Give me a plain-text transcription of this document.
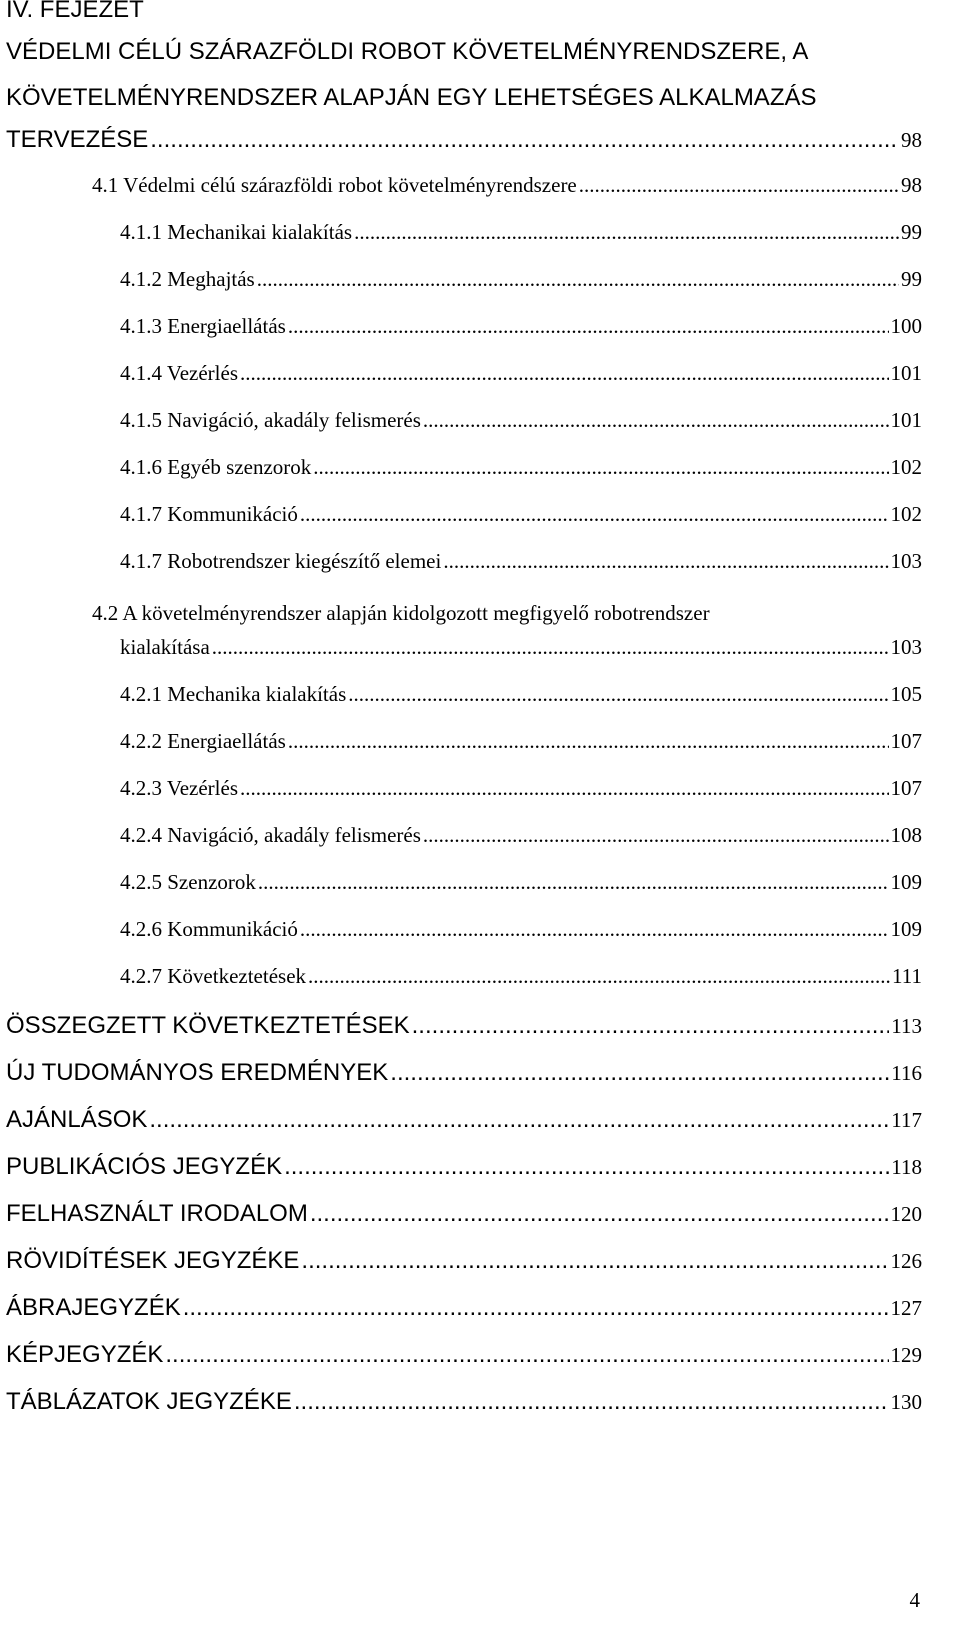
IV. FEJEZET
VÉDELMI CÉLÚ SZÁRAZFÖLDI ROBOT KÖVETELMÉNYRENDSZERE, A
KÖVETELMÉNYRENDSZER ALAPJÁN EGY LEHETSÉGES ALKALMAZÁS
TERVEZÉSE .....	98
4.1 Védelmi célú szárazföldi robot követelményrendszere .....	98
4.1.1 Mechanikai kialakítás .....	99
4.1.2 Meghajtás .....	99
4.1.3 Energiaellátás .....	100
4.1.4 Vezérlés .....	101
4.1.5 Navigáció, akadály felismerés .....	101
4.1.6 Egyéb szenzorok .....	102
4.1.7 Kommunikáció .....	102
4.1.7 Robotrendszer kiegészítő elemei .....	103
4.2 A követelményrendszer alapján kidolgozott megfigyelő robotrendszer
kialakítása .....	103
4.2.1 Mechanika kialakítás .....	105
4.2.2 Energiaellátás .....	107
4.2.3 Vezérlés .....	107
4.2.4 Navigáció, akadály felismerés .....	108
4.2.5 Szenzorok .....	109
4.2.6 Kommunikáció .....	109
4.2.7 Következtetések .....	111
ÖSSZEGZETT KÖVETKEZTETÉSEK .....	113
ÚJ TUDOMÁNYOS EREDMÉNYEK .....	116
AJÁNLÁSOK .....	117
PUBLIKÁCIÓS JEGYZÉK .....	118
FELHASZNÁLT IRODALOM .....	120
RÖVIDÍTÉSEK JEGYZÉKE .....	126
ÁBRAJEGYZÉK .....	127
KÉPJEGYZÉK .....	129
TÁBLÁZATOK JEGYZÉKE .....	130
4
